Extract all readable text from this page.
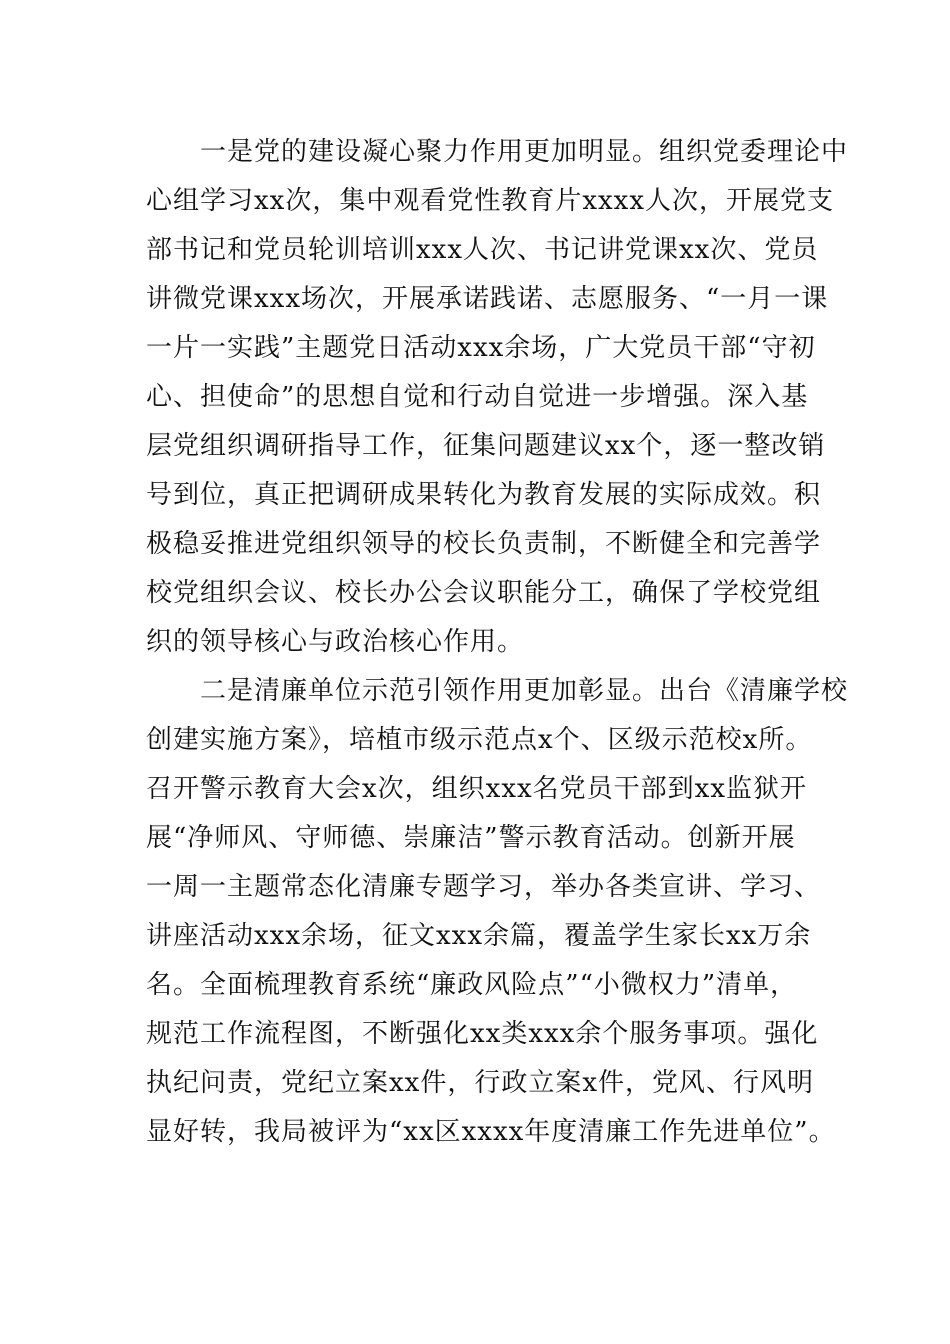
　　一是党的建设凝心聚力作用更加明显。组织党委理论中
心组学习xx次，集中观看党性教育片xxxx人次，开展党支
部书记和党员轮训培训xxx人次、书记讲党课xx次、党员
讲微党课xxx场次，开展承诺践诺、志愿服务、“一月一课
一片一实践”主题党日活动xxx余场，广大党员干部“守初
心、担使命”的思想自觉和行动自觉进一步增强。深入基
层党组织调研指导工作，征集问题建议xx个，逐一整改销
号到位，真正把调研成果转化为教育发展的实际成效。积
极稳妥推进党组织领导的校长负责制，不断健全和完善学
校党组织会议、校长办公会议职能分工，确保了学校党组
织的领导核心与政治核心作用。
　　二是清廉单位示范引领作用更加彰显。出台《清廉学校
创建实施方案》，培植市级示范点x个、区级示范校x所。
召开警示教育大会x次，组织xxx名党员干部到xx监狱开
展“净师风、守师德、崇廉洁”警示教育活动。创新开展
一周一主题常态化清廉专题学习，举办各类宣讲、学习、
讲座活动xxx余场，征文xxx余篇，覆盖学生家长xx万余
名。全面梳理教育系统“廉政风险点”“小微权力”清单，
规范工作流程图，不断强化xx类xxx余个服务事项。强化
执纪问责，党纪立案xx件，行政立案x件，党风、行风明
显好转，我局被评为“xx区xxxx年度清廉工作先进单位”。
